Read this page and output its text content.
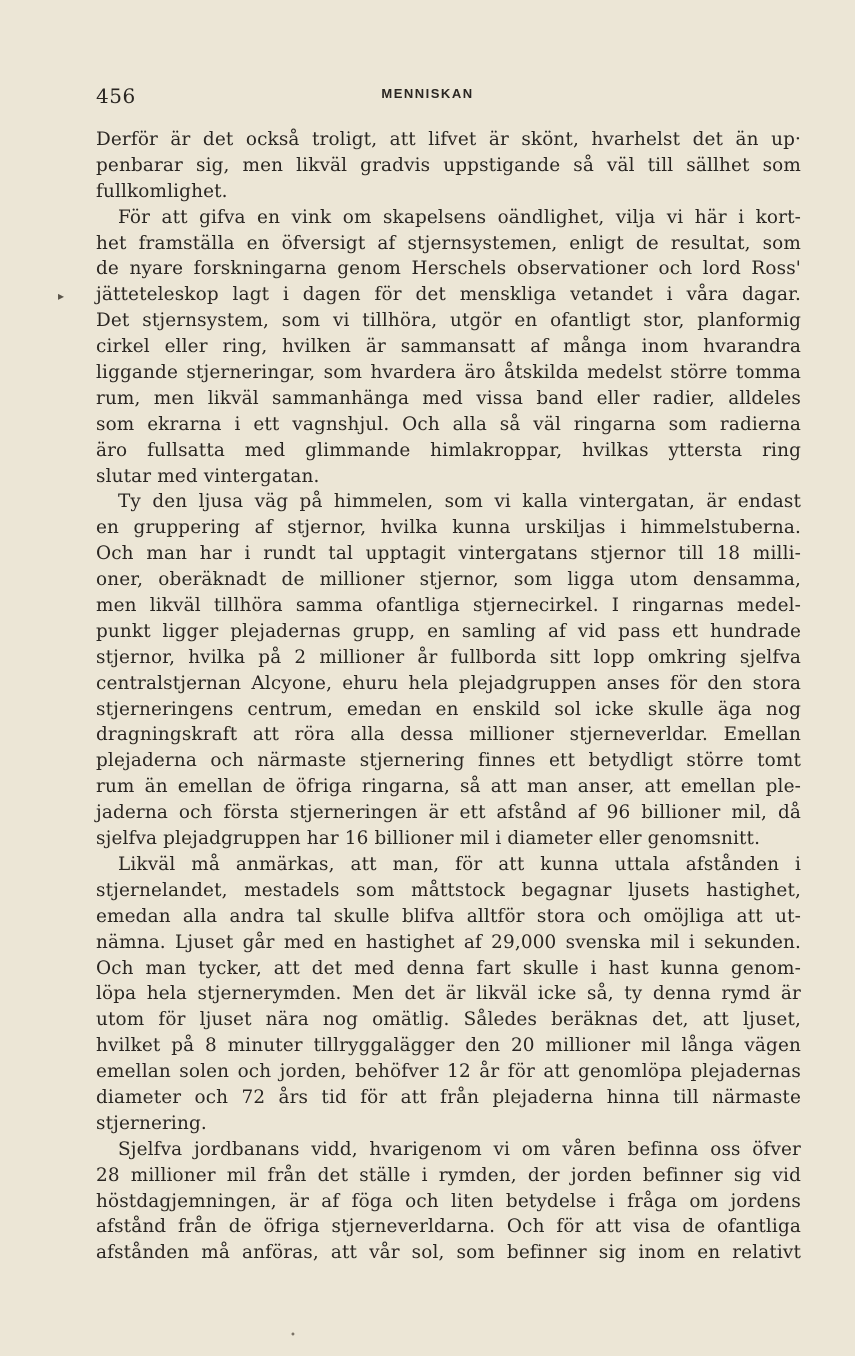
456	MENNISKAN
▸
Derför är det också troligt, att lifvet är skönt, hvarhelst det än up·
penbarar sig, men likväl gradvis uppstigande så väl till sällhet som
fullkomlighet.
För att gifva en vink om skapelsens oändlighet, vilja vi här i kort-
het framställa en öfversigt af stjernsystemen, enligt de resultat, som
de nyare forskningarna genom Herschels observationer och lord Ross'
jätteteleskop lagt i dagen för det menskliga vetandet i våra dagar.
Det stjernsystem, som vi tillhöra, utgör en ofantligt stor, planformig
cirkel eller ring, hvilken är sammansatt af många inom hvarandra
liggande stjerneringar, som hvardera äro åtskilda medelst större tomma
rum, men likväl sammanhänga med vissa band eller radier, alldeles
som ekrarna i ett vagnshjul. Och alla så väl ringarna som radierna
äro fullsatta med glimmande himlakroppar, hvilkas yttersta ring
slutar med vintergatan.
Ty den ljusa väg på himmelen, som vi kalla vintergatan, är endast
en gruppering af stjernor, hvilka kunna urskiljas i himmelstuberna.
Och man har i rundt tal upptagit vintergatans stjernor till 18 milli-
oner, oberäknadt de millioner stjernor, som ligga utom densamma,
men likväl tillhöra samma ofantliga stjernecirkel. I ringarnas medel-
punkt ligger plejadernas grupp, en samling af vid pass ett hundrade
stjernor, hvilka på 2 millioner år fullborda sitt lopp omkring sjelfva
centralstjernan Alcyone, ehuru hela plejadgruppen anses för den stora
stjerneringens centrum, emedan en enskild sol icke skulle äga nog
dragningskraft att röra alla dessa millioner stjerneverldar. Emellan
plejaderna och närmaste stjernering finnes ett betydligt större tomt
rum än emellan de öfriga ringarna, så att man anser, att emellan ple-
jaderna och första stjerneringen är ett afstånd af 96 billioner mil, då
sjelfva plejadgruppen har 16 billioner mil i diameter eller genomsnitt.
Likväl må anmärkas, att man, för att kunna uttala afstånden i
stjernelandet, mestadels som måttstock begagnar ljusets hastighet,
emedan alla andra tal skulle blifva alltför stora och omöjliga att ut-
nämna. Ljuset går med en hastighet af 29,000 svenska mil i sekunden.
Och man tycker, att det med denna fart skulle i hast kunna genom-
löpa hela stjernerymden. Men det är likväl icke så, ty denna rymd är
utom för ljuset nära nog omätlig. Således beräknas det, att ljuset,
hvilket på 8 minuter tillryggalägger den 20 millioner mil långa vägen
emellan solen och jorden, behöfver 12 år för att genomlöpa plejadernas
diameter och 72 års tid för att från plejaderna hinna till närmaste
stjernering.
Sjelfva jordbanans vidd, hvarigenom vi om våren befinna oss öfver
28 millioner mil från det ställe i rymden, der jorden befinner sig vid
höstdagjemningen, är af föga och liten betydelse i fråga om jordens
afstånd från de öfriga stjerneverldarna. Och för att visa de ofantliga
afstånden må anföras, att vår sol, som befinner sig inom en relativt
•
